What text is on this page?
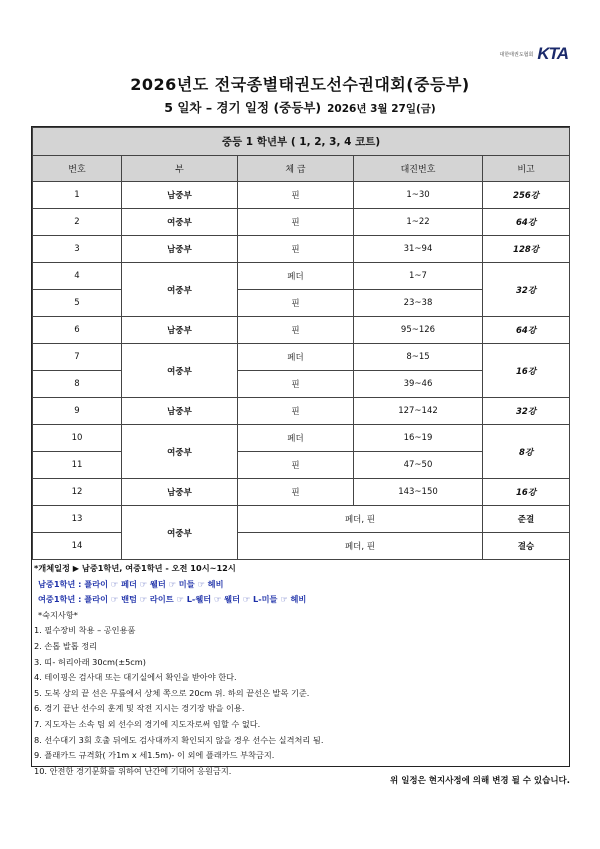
대한태권도협회 KTA
2026년도 전국종별태권도선수권대회(중등부)
5 일차 – 경기 일정 (중등부) 2026년 3월 27일(금)
중등 1 학년부 ( 1, 2, 3, 4 코트)				
번호	부	체 급	대진번호	비고
1	남중부	핀	1~30	256강
2	여중부	핀	1~22	64강
3	남중부	핀	31~94	128강
4	여중부	페더	1~7	32강
5		핀	23~38	
6	남중부	핀	95~126	64강
7	여중부	페더	8~15	16강
8		핀	39~46	
9	남중부	핀	127~142	32강
10	여중부	페더	16~19	8강
11		핀	47~50	
12	남중부	핀	143~150	16강
13	여중부	페더, 핀		준결
14		페더, 핀		결승
*개체일정 ▶ 남중1학년, 여중1학년 - 오전 10시~12시
남중1학년 : 플라이 ☞ 페더 ☞ 웰터 ☞ 미들 ☞ 헤비
여중1학년 : 플라이 ☞ 밴텀 ☞ 라이트 ☞ L-웰터 ☞ 웰터 ☞ L-미들 ☞ 헤비
*숙지사항*
1. 필수장비 착용 – 공인용품
2. 손톱 발톱 정리
3. 띠- 허리아래 30cm(±5cm)
4. 테이핑은 검사대 또는 대기실에서 확인을 받아야 한다.
5. 도복 상의 끝 선은 무릎에서 상체 쪽으로 20cm 위. 하의 끝선은 발목 기준.
6. 경기 끝난 선수의 훈계 및 작전 지시는 경기장 밖을 이용.
7. 지도자는 소속 팀 외 선수의 경기에 지도자로써 임할 수 없다.
8. 선수대기 3회 호출 뒤에도 검사대까지 확인되지 않을 경우 선수는 실격처리 됨.
9. 플래카드 규격화( 가1m x 세1.5m)- 이 외에 플래카드 부착금지.
10. 안전한 경기문화를 위하여 난간에 기대어 응원금지.
위 일정은 현지사정에 의해 변경 될 수 있습니다.
